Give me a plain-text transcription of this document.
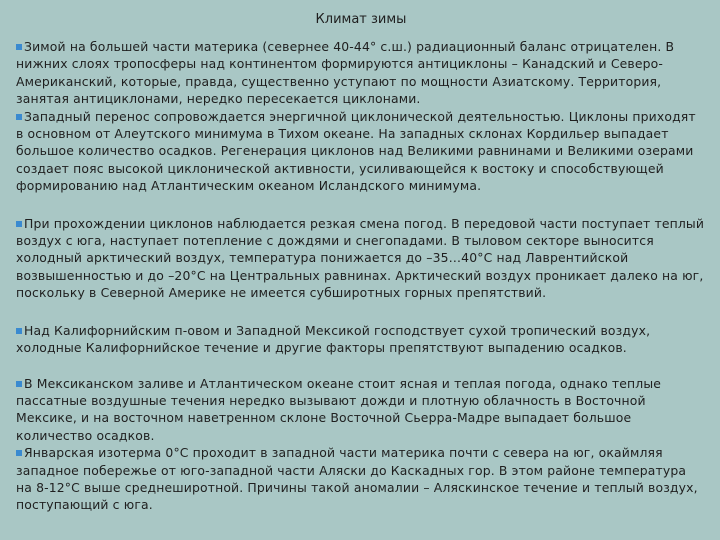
Климат зимы

Зимой на большей части материка (севернее 40-44° с.ш.) радиационный баланс отрицателен. В нижних слоях тропосферы над континентом формируются антициклоны – Канадский и Северо-Американский, которые, правда, существенно уступают по мощности Азиатскому. Территория, занятая антициклонами, нередко пересекается циклонами.

Западный перенос сопровождается энергичной циклонической деятельностью. Циклоны приходят в основном от Алеутского минимума в Тихом океане. На западных склонах Кордильер выпадает большое количество осадков. Регенерация циклонов над Великими равнинами и Великими озерами создает пояс высокой циклонической активности, усиливающейся к востоку и способствующей формированию над Атлантическим океаном Исландского минимума.

При прохождении циклонов наблюдается резкая смена погод. В передовой части поступает теплый воздух с юга, наступает потепление с дождями и снегопадами. В тыловом секторе выносится холодный арктический воздух, температура понижается до –35…40°С над Лаврентийской возвышенностью и до –20°С на Центральных равнинах. Арктический воздух проникает далеко на юг, поскольку в Северной Америке не имеется субширотных горных препятствий.

Над Калифорнийским п-овом и Западной Мексикой господствует сухой тропический воздух, холодные Калифорнийское течение и другие факторы препятствуют выпадению осадков.

В Мексиканском заливе и Атлантическом океане стоит ясная и теплая погода, однако теплые пассатные воздушные течения нередко вызывают дожди и плотную облачность в Восточной Мексике, и на восточном наветренном склоне Восточной Сьерра-Мадре выпадает большое количество осадков.

Январская изотерма 0°С проходит в западной части материка почти с севера на юг, окаймляя западное побережье от юго-западной части Аляски до Каскадных гор. В этом районе температура на 8-12°С выше среднеширотной. Причины такой аномалии – Аляскинское течение и теплый воздух, поступающий с юга.
